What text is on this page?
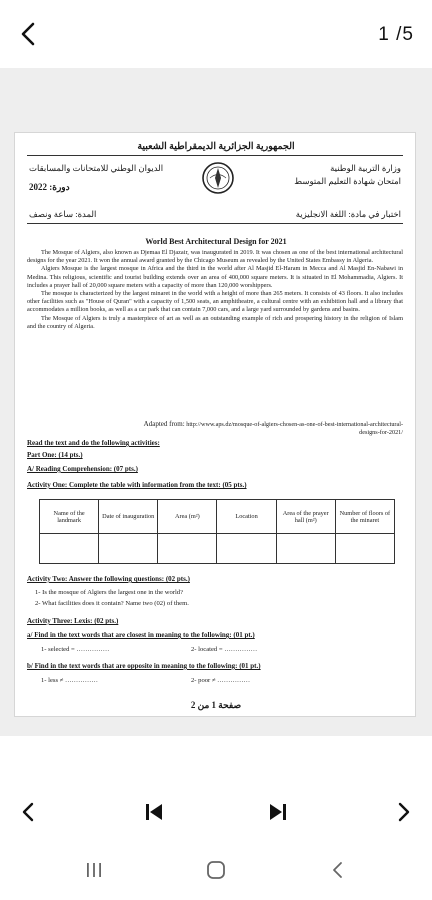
1 /5
الجمهورية الجزائرية الديمقراطية الشعبية
وزارة التربية الوطنية
امتحان شهادة التعليم المتوسط
اختبار في مادة: اللغة الانجليزية
الديوان الوطني للامتحانات والمسابقات
دورة: 2022
المدة: ساعة ونصف
World Best Architectural Design for 2021

The Mosque of Algiers, also known as Djemaa El Djazair, was inaugurated in 2019. It was chosen as one of the best international architectural designs for the year 2021. It won the annual award granted by the Chicago Museum as revealed by the United States Embassy in Algeria.

Algiers Mosque is the largest mosque in Africa and the third in the world after Al Masjid El-Haram in Mecca and Al Masjid En-Nabawi in Medina. This religious, scientific and tourist building extends over an area of 400,000 square meters. It is situated in El Mohammadia, Algiers. It includes a prayer hall of 20,000 square meters with a capacity of more than 120,000 worshippers.

The mosque is characterized by the largest minaret in the world with a height of more than 265 meters. It consists of 43 floors. It also includes other facilities such as "House of Quran" with a capacity of 1,500 seats, an amphitheatre, a cultural centre with an exhibition hall and a library that accommodates a million books, as well as a car park that can contain 7,000 cars, and a large yard surrounded by gardens and basins.

The Mosque of Algiers is truly a masterpiece of art as well as an outstanding example of rich and prospering history in the religion of Islam and the country of Algeria.

Adapted from: http://www.aps.dz/mosque-of-algiers-chosen-as-one-of-best-international-architectural-designs-for-2021/
Read the text and do the following activities:
Part One: (14 pts.)
A/ Reading Comprehension: (07 pts.)
Activity One: Complete the table with information from the text: (05 pts.)
Name of the landmark	Date of inauguration	Area (m²)	Location	Area of the prayer hall (m²)	Number of floors of the minaret

Activity Two: Answer the following questions: (02 pts.)
1- Is the mosque of Algiers the largest one in the world?
2- What facilities does it contain? Name two (02) of them.
Activity Three: Lexis: (02 pts.)
a/ Find in the text words that are closest in meaning to the following: (01 pt.)
1- selected = ……………	2- located = ……………
b/ Find in the text words that are opposite in meaning to the following: (01 pt.)
1- less ≠ ……………	2- poor ≠ ……………
صفحة 1 من 2
